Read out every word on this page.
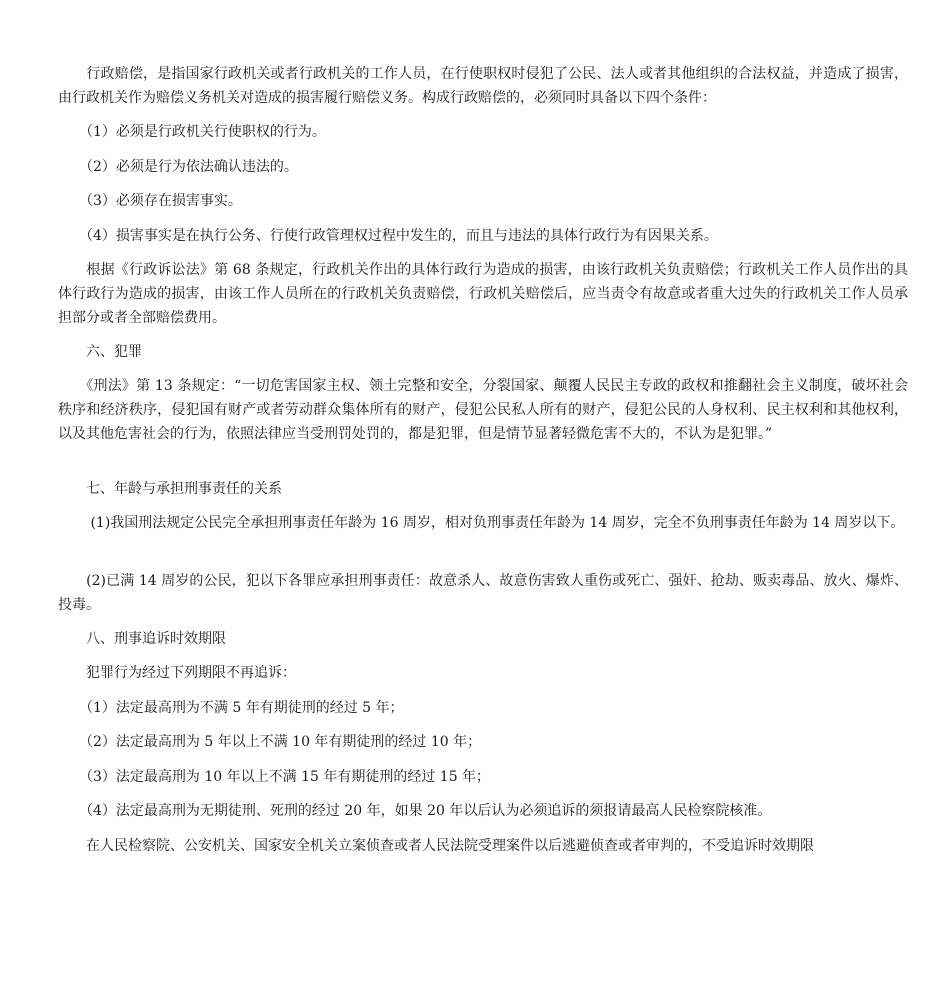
　　行政赔偿，是指国家行政机关或者行政机关的工作人员，在行使职权时侵犯了公民、法人或者其他组织的合法权益，并造成了损害，由行政机关作为赔偿义务机关对造成的损害履行赔偿义务。构成行政赔偿的，必须同时具备以下四个条件：

　　（1）必须是行政机关行使职权的行为。

　　（2）必须是行为依法确认违法的。

　　（3）必须存在损害事实。

　　（4）损害事实是在执行公务、行使行政管理权过程中发生的，而且与违法的具体行政行为有因果关系。

　　根据《行政诉讼法》第 68 条规定，行政机关作出的具体行政行为造成的损害，由该行政机关负责赔偿；行政机关工作人员作出的具体行政行为造成的损害，由该工作人员所在的行政机关负责赔偿，行政机关赔偿后，应当责令有故意或者重大过失的行政机关工作人员承担部分或者全部赔偿费用。

　　六、犯罪

　　《刑法》第 13 条规定：“一切危害国家主权、领土完整和安全，分裂国家、颠覆人民民主专政的政权和推翻社会主义制度，破坏社会秩序和经济秩序，侵犯国有财产或者劳动群众集体所有的财产，侵犯公民私人所有的财产，侵犯公民的人身权利、民主权利和其他权利，以及其他危害社会的行为，依照法律应当受刑罚处罚的，都是犯罪，但是情节显著轻微危害不大的，不认为是犯罪。”

　　七、年龄与承担刑事责任的关系

　　 (1)我国刑法规定公民完全承担刑事责任年龄为 16 周岁，相对负刑事责任年龄为 14 周岁，完全不负刑事责任年龄为 14 周岁以下。

　　(2)已满 14 周岁的公民，犯以下各罪应承担刑事责任：故意杀人、故意伤害致人重伤或死亡、强奸、抢劫、贩卖毒品、放火、爆炸、投毒。

　　八、刑事追诉时效期限

　　犯罪行为经过下列期限不再追诉：

　　（1）法定最高刑为不满 5 年有期徒刑的经过 5 年；

　　（2）法定最高刑为 5 年以上不满 10 年有期徒刑的经过 10 年；

　　（3）法定最高刑为 10 年以上不满 15 年有期徒刑的经过 15 年；

　　（4）法定最高刑为无期徒刑、死刑的经过 20 年，如果 20 年以后认为必须追诉的须报请最高人民检察院核准。

　　在人民检察院、公安机关、国家安全机关立案侦查或者人民法院受理案件以后逃避侦查或者审判的，不受追诉时效期限
